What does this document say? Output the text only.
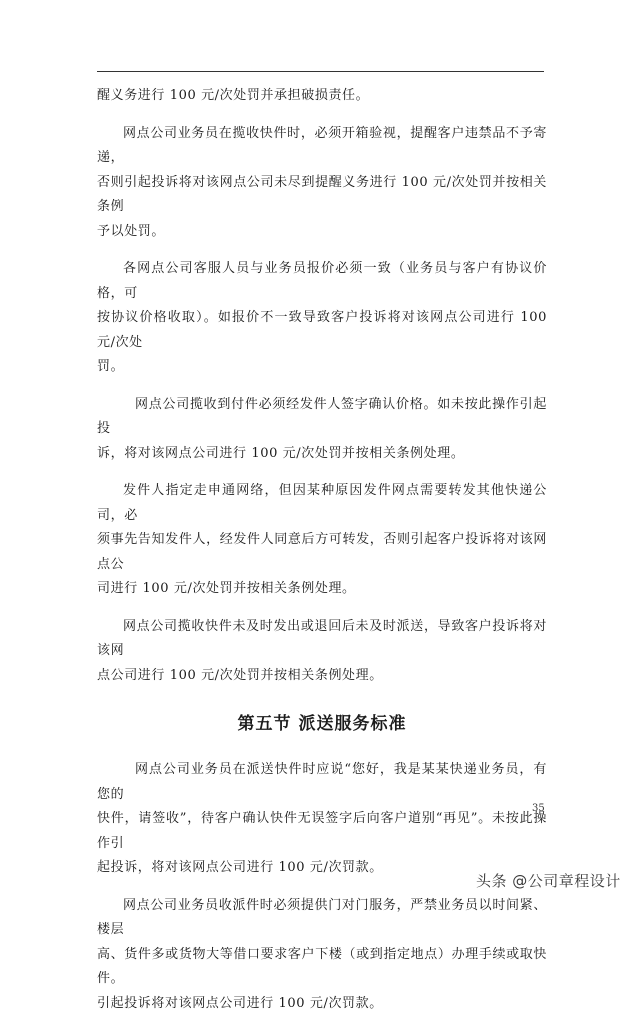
醒义务进行 100 元/次处罚并承担破损责任。

网点公司业务员在揽收快件时，必须开箱验视，提醒客户违禁品不予寄递，
否则引起投诉将对该网点公司未尽到提醒义务进行 100 元/次处罚并按相关条例
予以处罚。

各网点公司客服人员与业务员报价必须一致（业务员与客户有协议价格，可
按协议价格收取）。如报价不一致导致客户投诉将对该网点公司进行 100 元/次处
罚。

网点公司揽收到付件必须经发件人签字确认价格。如未按此操作引起投
诉，将对该网点公司进行 100 元/次处罚并按相关条例处理。

发件人指定走申通网络，但因某种原因发件网点需要转发其他快递公司，必
须事先告知发件人，经发件人同意后方可转发，否则引起客户投诉将对该网点公
司进行 100 元/次处罚并按相关条例处理。

网点公司揽收快件未及时发出或退回后未及时派送，导致客户投诉将对该网
点公司进行 100 元/次处罚并按相关条例处理。

第五节 派送服务标准

网点公司业务员在派送快件时应说“您好，我是某某快递业务员，有您的
快件，请签收”，待客户确认快件无误签字后向客户道别“再见”。未按此操作引
起投诉，将对该网点公司进行 100 元/次罚款。

网点公司业务员收派件时必须提供门对门服务，严禁业务员以时间紧、楼层
高、货件多或货物大等借口要求客户下楼（或到指定地点）办理手续或取快件。
引起投诉将对该网点公司进行 100 元/次罚款。

35
头条 @公司章程设计
